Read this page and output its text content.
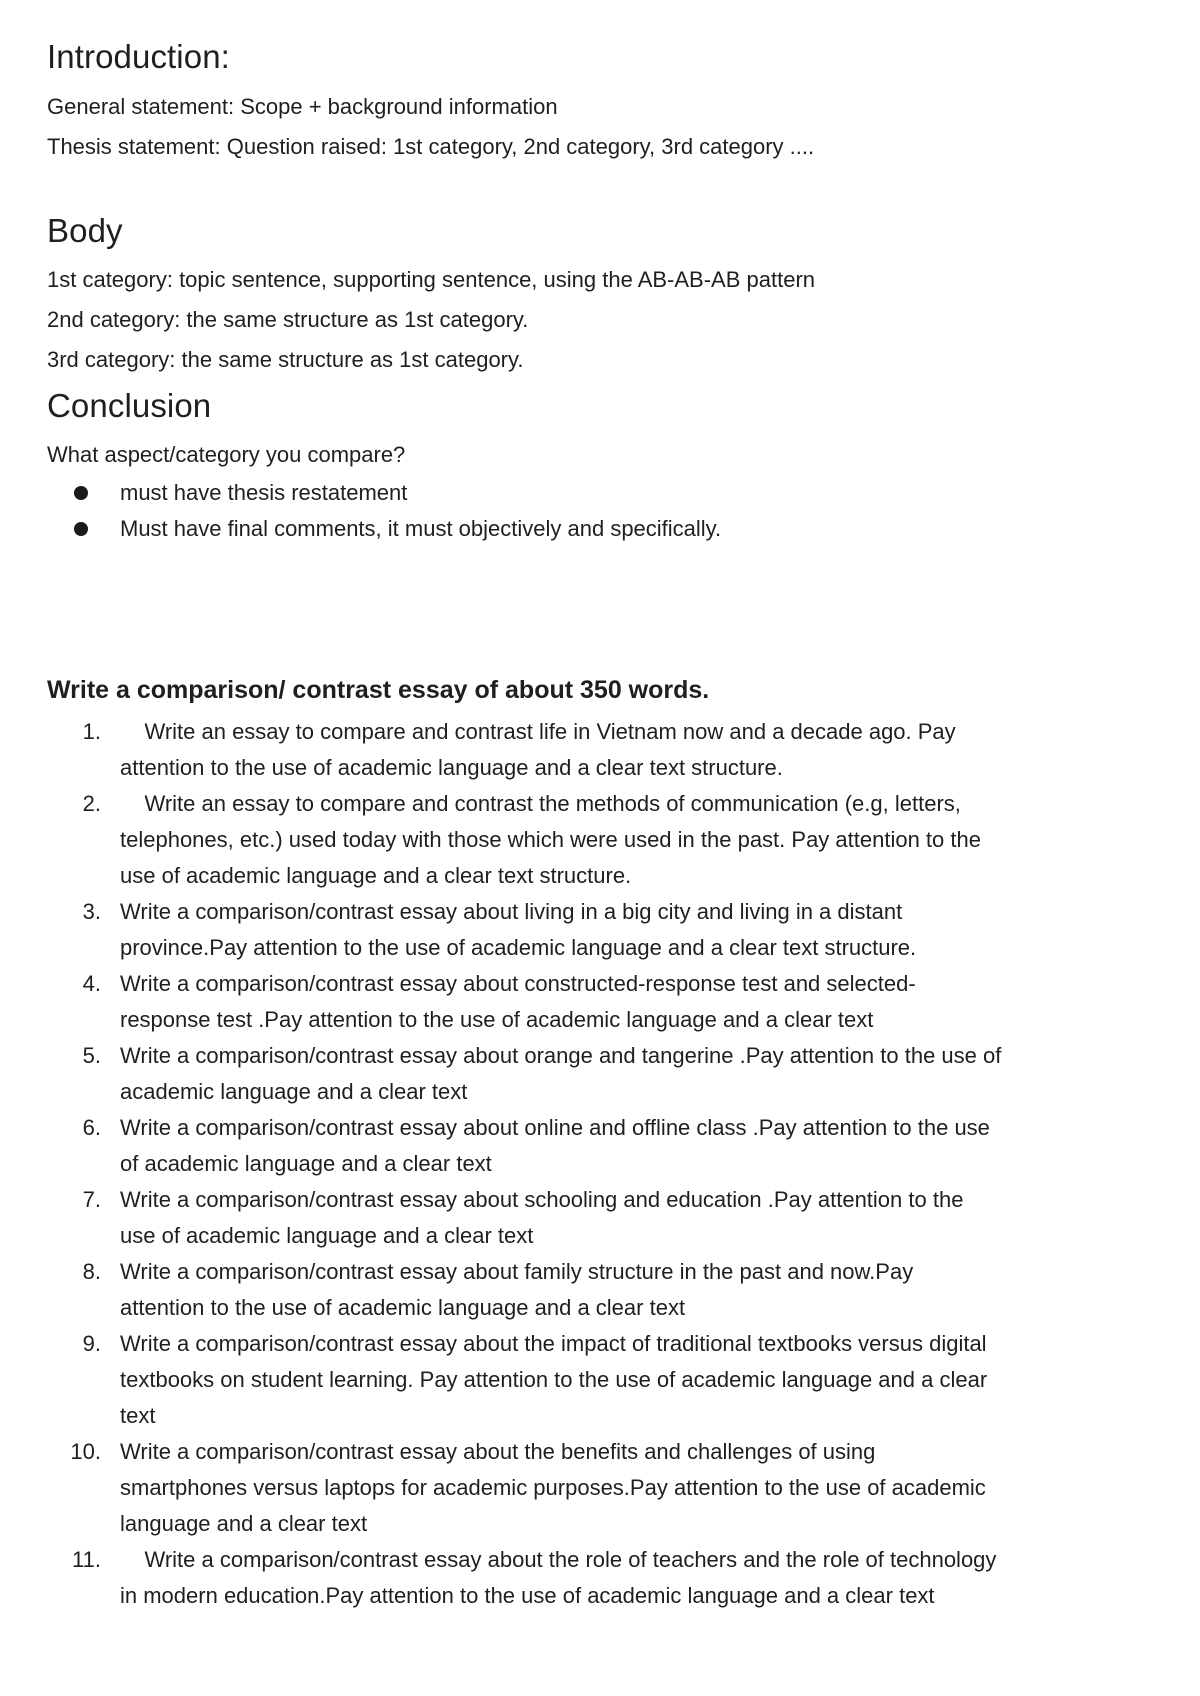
Introduction:
General statement: Scope + background information
Thesis statement: Question raised: 1st category, 2nd category, 3rd category ....
Body
1st category: topic sentence, supporting sentence, using the AB-AB-AB pattern
2nd category: the same structure as 1st category.
3rd category: the same structure as 1st category.
Conclusion
What aspect/category you compare?
must have thesis restatement
Must have final comments, it must objectively and specifically.
Write a comparison/ contrast essay of about 350 words.
1. Write an essay to compare and contrast life in Vietnam now and a decade ago. Pay
attention to the use of academic language and a clear text structure.
2. Write an essay to compare and contrast the methods of communication (e.g, letters,
telephones, etc.) used today with those which were used in the past. Pay attention to the
use of academic language and a clear text structure.
3. Write a comparison/contrast essay about living in a big city and living in a distant
province.Pay attention to the use of academic language and a clear text structure.
4. Write a comparison/contrast essay about constructed-response test and selected-
response test .Pay attention to the use of academic language and a clear text
5. Write a comparison/contrast essay about orange and tangerine .Pay attention to the use of
academic language and a clear text
6. Write a comparison/contrast essay about online and offline class .Pay attention to the use
of academic language and a clear text
7. Write a comparison/contrast essay about schooling and education .Pay attention to the
use of academic language and a clear text
8. Write a comparison/contrast essay about family structure in the past and now.Pay
attention to the use of academic language and a clear text
9. Write a comparison/contrast essay about the impact of traditional textbooks versus digital
textbooks on student learning. Pay attention to the use of academic language and a clear
text
10. Write a comparison/contrast essay about the benefits and challenges of using
smartphones versus laptops for academic purposes.Pay attention to the use of academic
language and a clear text
11. Write a comparison/contrast essay about the role of teachers and the role of technology
in modern education.Pay attention to the use of academic language and a clear text
